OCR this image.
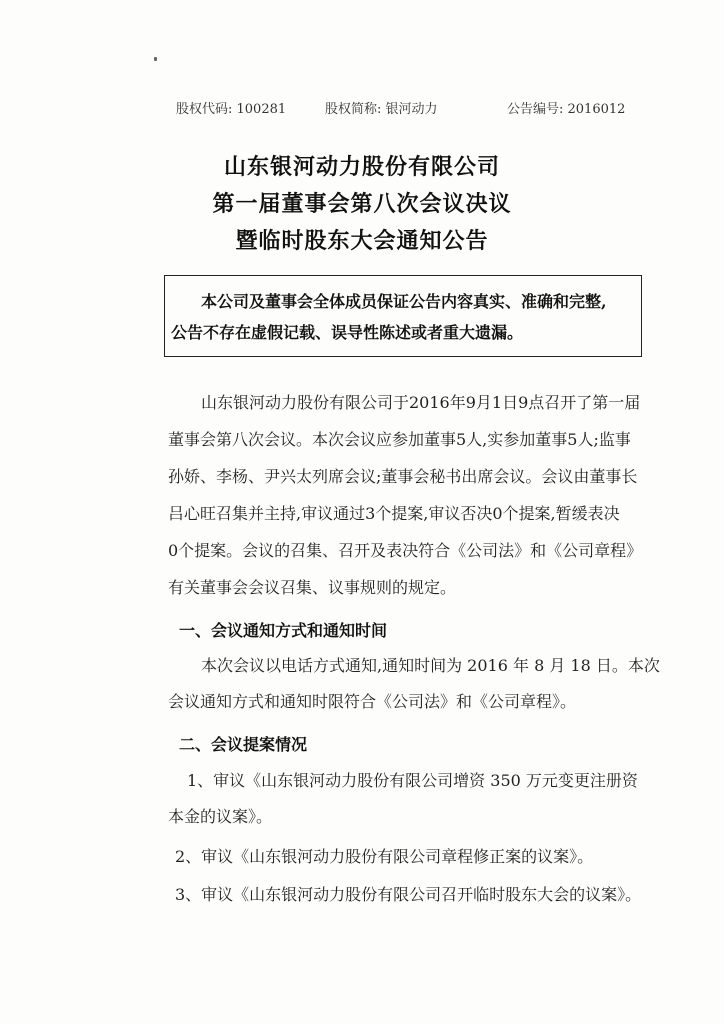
股权代码: 100281	股权简称: 银河动力	公告编号: 2016012
山东银河动力股份有限公司
第一届董事会第八次会议决议
暨临时股东大会通知公告
本公司及董事会全体成员保证公告内容真实、准确和完整,
公告不存在虚假记载、误导性陈述或者重大遗漏。
山东银河动力股份有限公司于2016年9月1日9点召开了第一届
董事会第八次会议。本次会议应参加董事5人,实参加董事5人;监事
孙娇、李杨、尹兴太列席会议;董事会秘书出席会议。会议由董事长
吕心旺召集并主持,审议通过3个提案,审议否决0个提案,暂缓表决
0个提案。会议的召集、召开及表决符合《公司法》和《公司章程》
有关董事会会议召集、议事规则的规定。
一、会议通知方式和通知时间
本次会议以电话方式通知,通知时间为 2016 年 8 月 18 日。本次
会议通知方式和通知时限符合《公司法》和《公司章程》。
二、会议提案情况
1、审议《山东银河动力股份有限公司增资 350 万元变更注册资
本金的议案》。
2、审议《山东银河动力股份有限公司章程修正案的议案》。
3、审议《山东银河动力股份有限公司召开临时股东大会的议案》。
